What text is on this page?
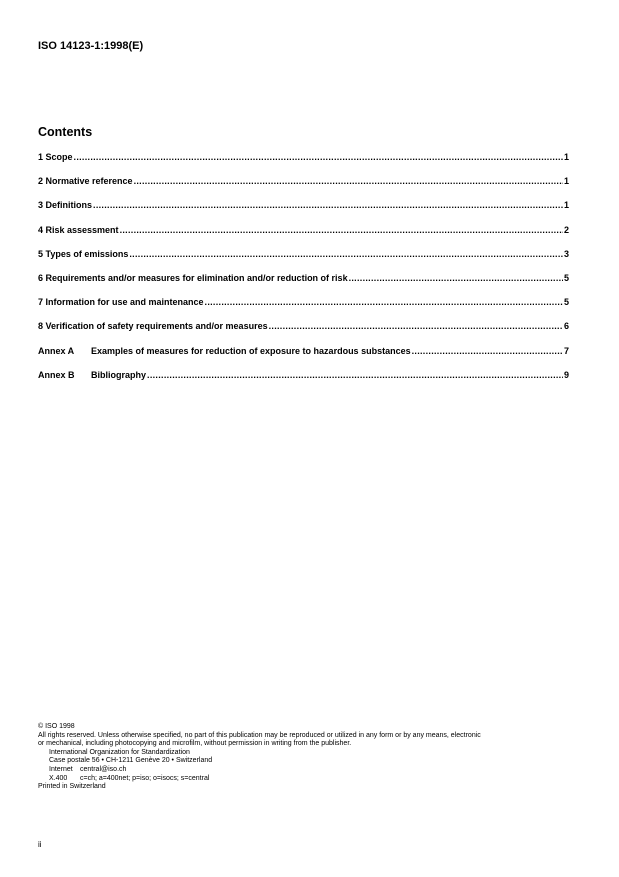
ISO 14123-1:1998(E)
Contents
1 Scope .....	1
2 Normative reference .....	1
3 Definitions .....	1
4 Risk assessment .....	2
5 Types of emissions .....	3
6 Requirements and/or measures for elimination and/or reduction of risk .....	5
7 Information for use and maintenance .....	5
8 Verification of safety requirements and/or measures .....	6
Annex A Examples of measures for reduction of exposure to hazardous substances .....	7
Annex B Bibliography .....	9
© ISO 1998
All rights reserved. Unless otherwise specified, no part of this publication may be reproduced or utilized in any form or by any means, electronic
or mechanical, including photocopying and microfilm, without permission in writing from the publisher.
International Organization for Standardization
Case postale 56 • CH-1211 Genève 20 • Switzerland
Internet central@iso.ch
X.400 c=ch; a=400net; p=iso; o=isocs; s=central
Printed in Switzerland
ii
